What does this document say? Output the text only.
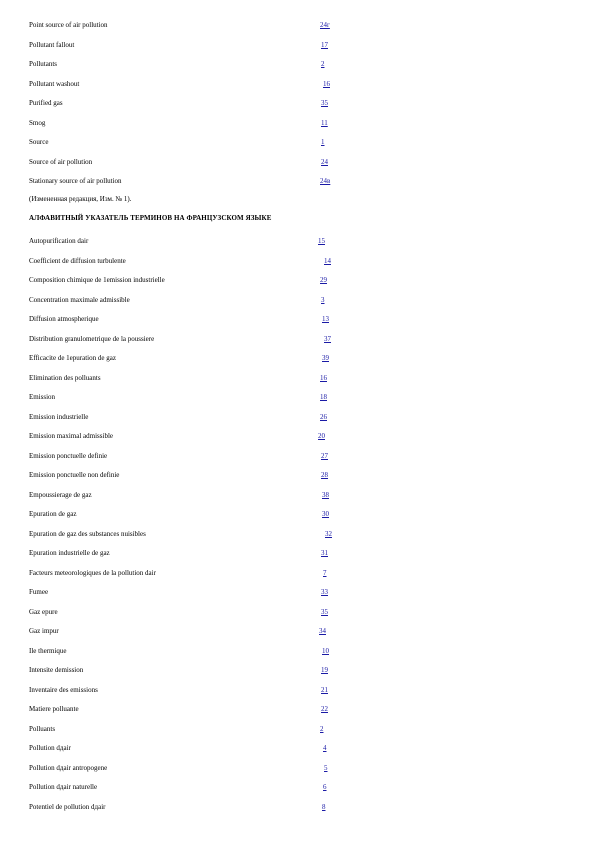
Point source of air pollution	24г
Pollutant fallout	17
Pollutants	2
Pollutant washout	16
Purified gas	35
Smog	11
Source	1
Source of air pollution	24
Stationary source of air pollution	24в
(Измененная редакция, Изм. № 1).
АЛФАВИТНЫЙ УКАЗАТЕЛЬ ТЕРМИНОВ НА ФРАНЦУЗСКОМ ЯЗЫКЕ
Autopurification dair	15
Coefficient de diffusion turbulente	14
Composition chimique de 1emission industrielle	29
Concentration maximale admissible	3
Diffusion atmospherique	13
Distribution granulometrique de la poussiere	37
Efficacite de 1epuration de gaz	39
Elimination des polluants	16
Emission	18
Emission industrielle	26
Emission maximal admissible	20
Emission ponctuelle definie	27
Emission ponctuelle non definie	28
Empoussierage de gaz	38
Epuration de gaz	30
Epuration de gaz des substances nuisibles	32
Epuration industrielle de gaz	31
Facteurs meteorologiques de la pollution dair	7
Fumee	33
Gaz epure	35
Gaz impur	34
Ile thermique	10
Intensite demission	19
Inventaire des emissions	21
Matiere polluante	22
Polluants	2
Pollution dдair	4
Pollution dдair antropogene	5
Pollution dдair naturelle	6
Potentiel de pollution dдair	8
